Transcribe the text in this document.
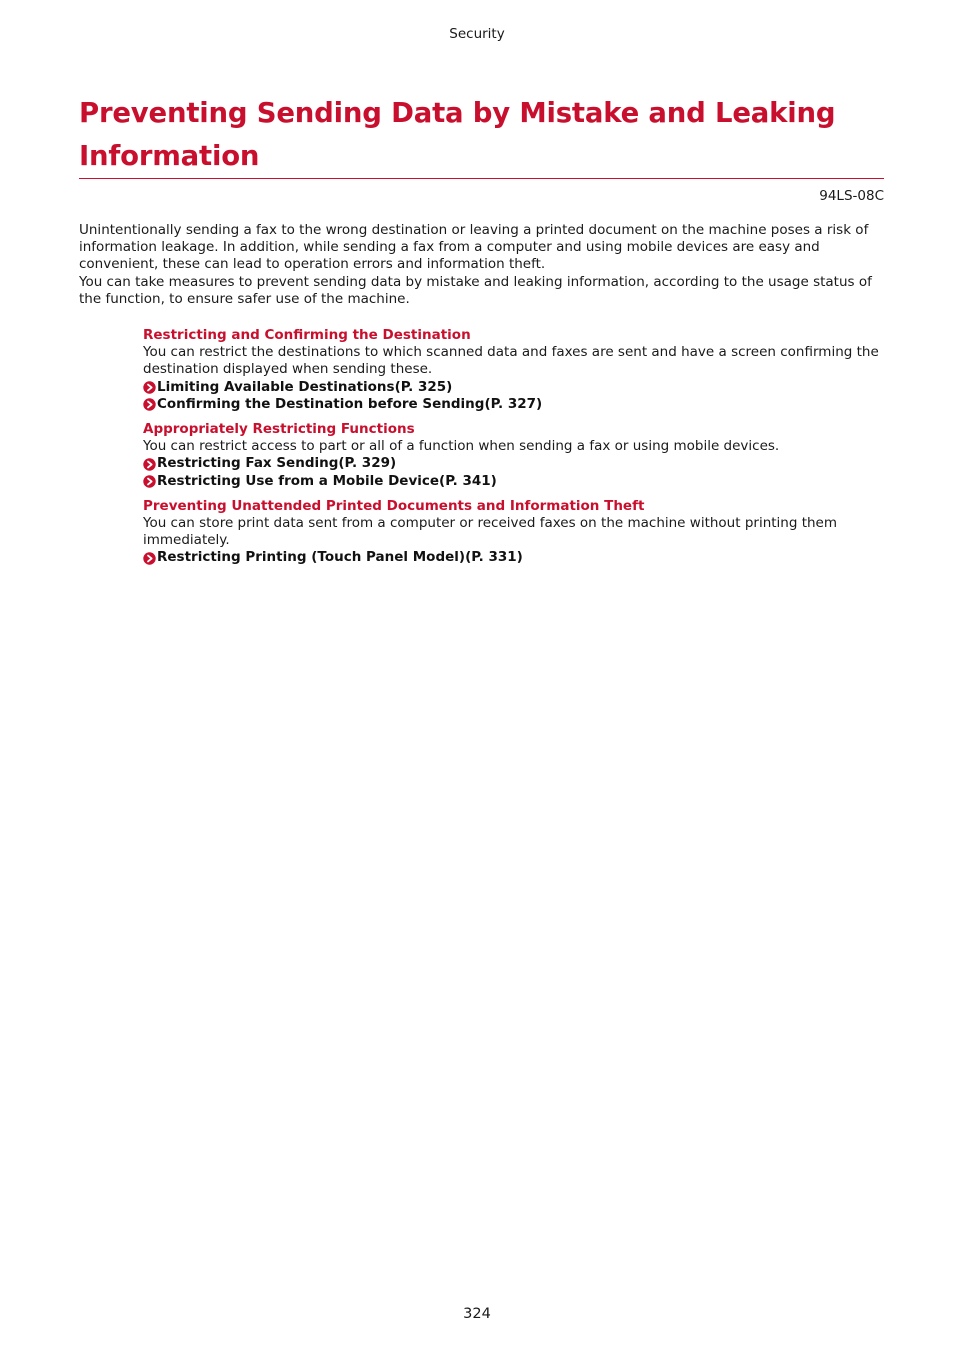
Security
Preventing Sending Data by Mistake and Leaking Information
94LS-08C

Unintentionally sending a fax to the wrong destination or leaving a printed document on the machine poses a risk of information leakage. In addition, while sending a fax from a computer and using mobile devices are easy and convenient, these can lead to operation errors and information theft.

You can take measures to prevent sending data by mistake and leaking information, according to the usage status of the function, to ensure safer use of the machine.

Restricting and Confirming the Destination

You can restrict the destinations to which scanned data and faxes are sent and have a screen confirming the destination displayed when sending these.

Limiting Available Destinations(P. 325)
Confirming the Destination before Sending(P. 327)
Appropriately Restricting Functions

You can restrict access to part or all of a function when sending a fax or using mobile devices.

Restricting Fax Sending(P. 329)
Restricting Use from a Mobile Device(P. 341)
Preventing Unattended Printed Documents and Information Theft

You can store print data sent from a computer or received faxes on the machine without printing them immediately.

Restricting Printing (Touch Panel Model)(P. 331)
324
